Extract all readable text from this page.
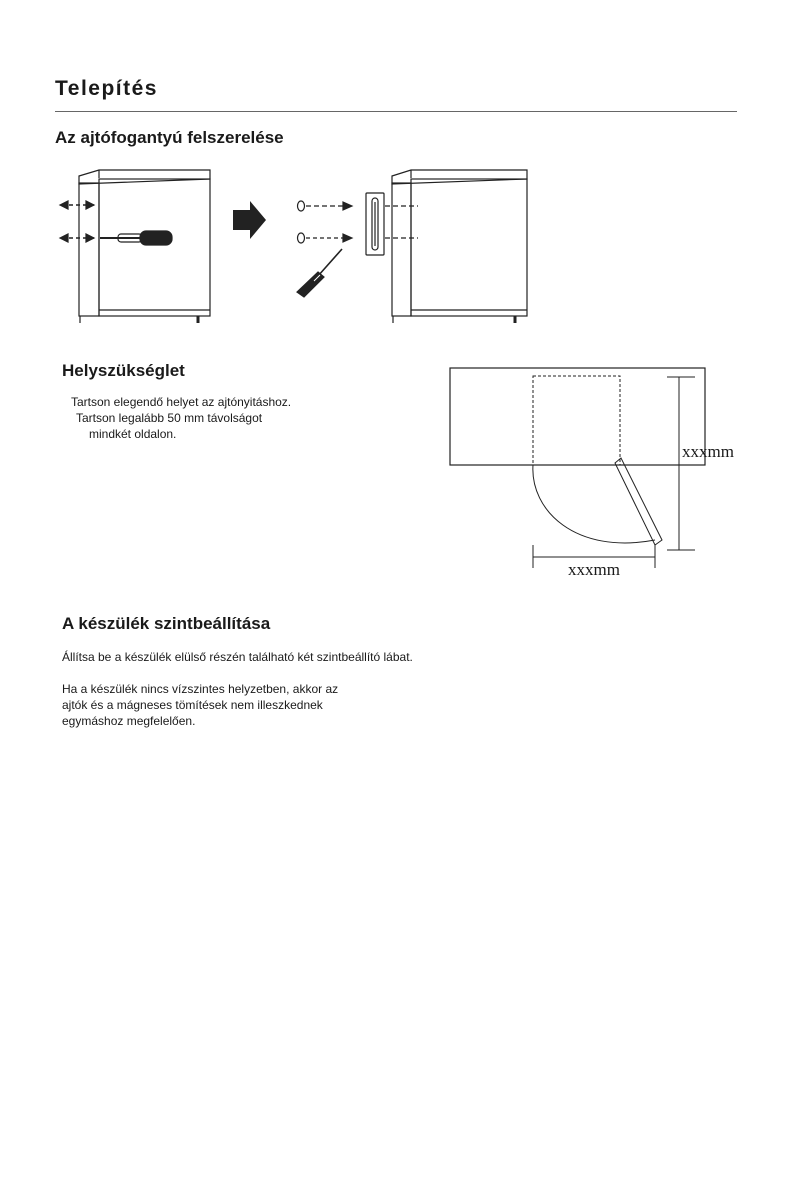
Telepítés
Az ajtófogantyú felszerelése
Helyszükséglet

Tartson elegendő helyet az ajtónyitáshoz.

Tartson legalább 50 mm távolságot

mindkét oldalon.

xxxmm
xxxmm
A készülék szintbeállítása

Állítsa be a készülék elülső részén található két szintbeállító lábat.

Ha a készülék nincs vízszintes helyzetben, akkor az

ajtók és a mágneses tömítések nem illeszkednek

egymáshoz megfelelően.
